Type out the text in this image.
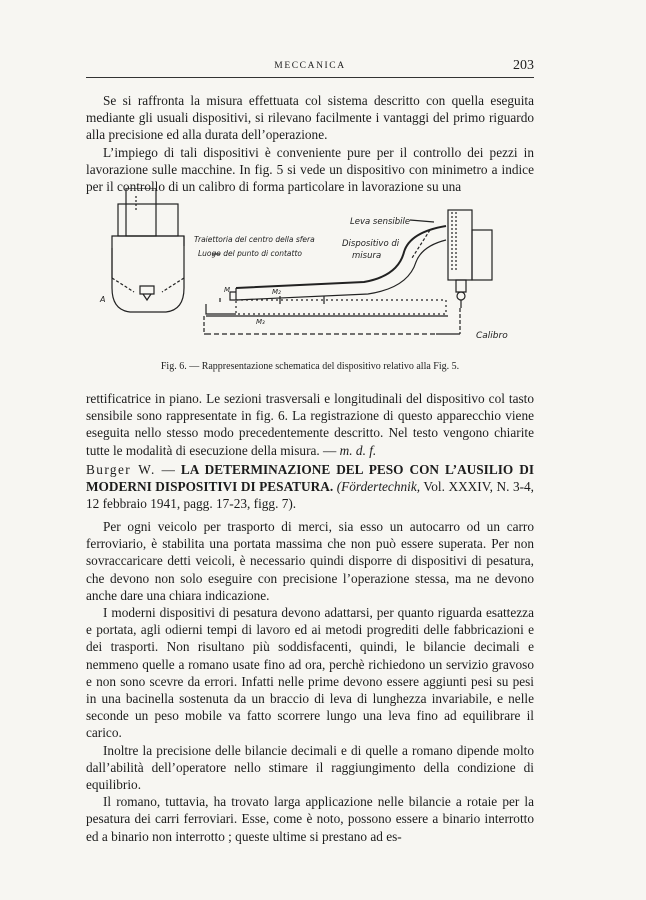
MECCANICA	203

Se si raffronta la misura effettuata col sistema descritto con quella eseguita mediante gli usuali dispositivi, si rilevano facilmente i vantaggi del primo riguardo alla precisione ed alla durata dell’operazione.

L’impiego di tali dispositivi è conveniente pure per il controllo dei pezzi in lavorazione sulle macchine. In fig. 5 si vede un dispositivo con minimetro a indice per il controllo di un calibro di forma particolare in lavorazione su una

Leva sensibile
Traiettoria del centro della sfera
Luogo del punto di contatto
Dispositivo di
misura
Calibro
A
M	M₂
M₃
Fig. 6. — Rappresentazione schematica del dispositivo relativo alla Fig. 5.

rettificatrice in piano. Le sezioni trasversali e longitudinali del dispositivo col tasto sensibile sono rappresentate in fig. 6. La registrazione di questo apparecchio viene eseguita nello stesso modo precedentemente descritto. Nel testo vengono chiarite tutte le modalità di esecuzione della misura. — m. d. f.

Burger W. — LA DETERMINAZIONE DEL PESO CON L’AUSILIO DI MODERNI DISPOSITIVI DI PESATURA. (Fördertechnik, Vol. XXXIV, N. 3-4, 12 febbraio 1941, pagg. 17-23, figg. 7).

Per ogni veicolo per trasporto di merci, sia esso un autocarro od un carro ferroviario, è stabilita una portata massima che non può essere superata. Per non sovraccaricare detti veicoli, è necessario quindi disporre di dispositivi di pesatura, che devono non solo eseguire con precisione l’operazione stessa, ma ne devono anche dare una chiara indicazione.

I moderni dispositivi di pesatura devono adattarsi, per quanto riguarda esattezza e portata, agli odierni tempi di lavoro ed ai metodi progrediti delle fabbricazioni e dei trasporti. Non risultano più soddisfacenti, quindi, le bilancie decimali e nemmeno quelle a romano usate fino ad ora, perchè richiedono un servizio gravoso e non sono scevre da errori. Infatti nelle prime devono essere aggiunti pesi su pesi in una bacinella sostenuta da un braccio di leva di lunghezza invariabile, e nelle seconde un peso mobile va fatto scorrere lungo una leva fino ad equilibrare il carico.

Inoltre la precisione delle bilancie decimali e di quelle a romano dipende molto dall’abilità dell’operatore nello stimare il raggiungimento della condizione di equilibrio.

Il romano, tuttavia, ha trovato larga applicazione nelle bilancie a rotaie per la pesatura dei carri ferroviari. Esse, come è noto, possono essere a binario interrotto ed a binario non interrotto ; queste ultime si prestano ad es-
